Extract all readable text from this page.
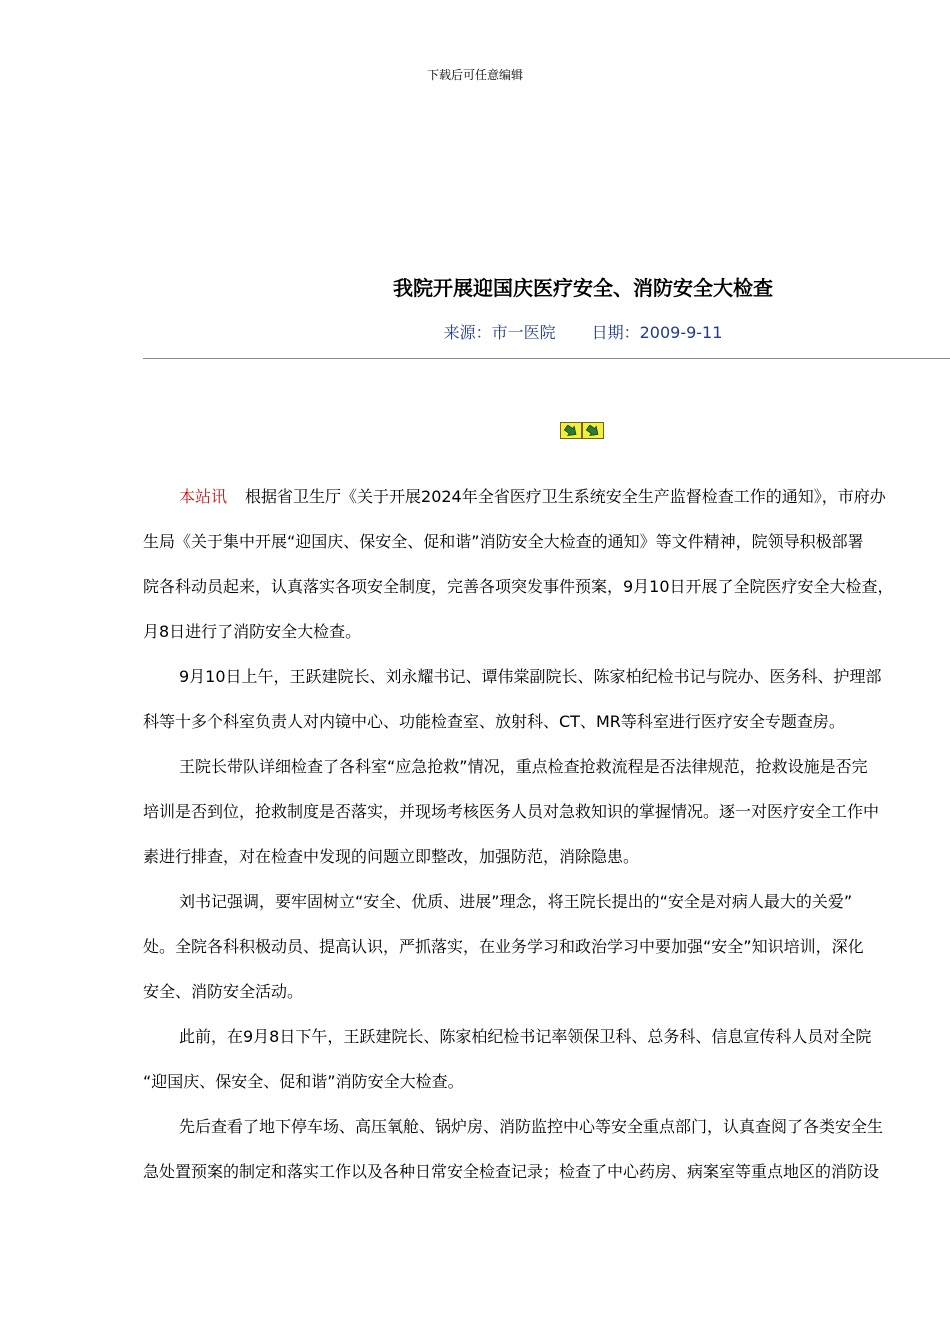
下载后可任意编辑
我院开展迎国庆医疗安全、消防安全大检查
来源：市一医院 日期：2009-9-11

本站讯 根据省卫生厅《关于开展2024年全省医疗卫生系统安全生产监督检查工作的通知》，市府办
生局《关于集中开展“迎国庆、保安全、促和谐”消防安全大检查的通知》等文件精神，院领导积极部署
院各科动员起来，认真落实各项安全制度，完善各项突发事件预案，9月10日开展了全院医疗安全大检查，
月8日进行了消防安全大检查。

9月10日上午，王跃建院长、刘永耀书记、谭伟棠副院长、陈家柏纪检书记与院办、医务科、护理部
科等十多个科室负责人对内镜中心、功能检查室、放射科、CT、MR等科室进行医疗安全专题查房。

王院长带队详细检查了各科室“应急抢救”情况，重点检查抢救流程是否法律规范，抢救设施是否完
培训是否到位，抢救制度是否落实，并现场考核医务人员对急救知识的掌握情况。逐一对医疗安全工作中
素进行排查，对在检查中发现的问题立即整改，加强防范，消除隐患。

刘书记强调，要牢固树立“安全、优质、进展”理念，将王院长提出的“安全是对病人最大的关爱”
处。全院各科积极动员、提高认识，严抓落实，在业务学习和政治学习中要加强“安全”知识培训，深化
安全、消防安全活动。

此前，在9月8日下午，王跃建院长、陈家柏纪检书记率领保卫科、总务科、信息宣传科人员对全院
“迎国庆、保安全、促和谐”消防安全大检查。

先后查看了地下停车场、高压氧舱、锅炉房、消防监控中心等安全重点部门，认真查阅了各类安全生
急处置预案的制定和落实工作以及各种日常安全检查记录；检查了中心药房、病案室等重点地区的消防设
